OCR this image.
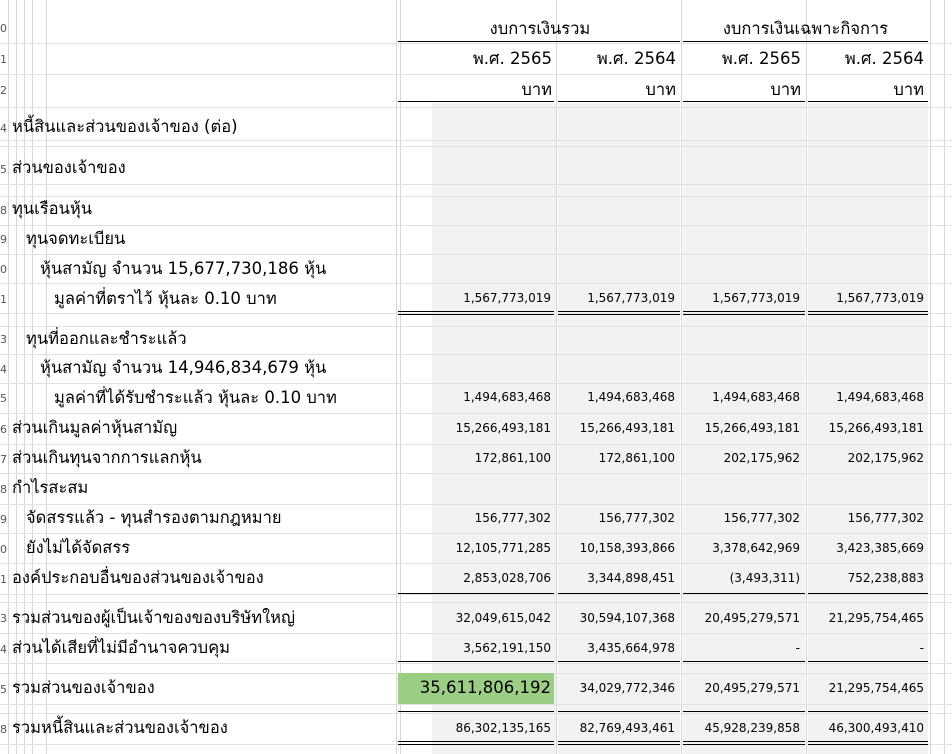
งบการเงินรวม	งบการเงินเฉพาะกิจการ
พ.ศ. 2565	พ.ศ. 2564	พ.ศ. 2565	พ.ศ. 2564
บาท	บาท	บาท	บาท
0
1
2
4
5
8
9
0
1
3
4
5
6
7
8
9
0
1
3
4
5
8
หนี้สินและส่วนของเจ้าของ (ต่อ)
ส่วนของเจ้าของ
ทุนเรือนหุ้น
ทุนจดทะเบียน
หุ้นสามัญ จำนวน 15,677,730,186 หุ้น
มูลค่าที่ตราไว้ หุ้นละ 0.10 บาท	1,567,773,019	1,567,773,019	1,567,773,019	1,567,773,019
ทุนที่ออกและชำระแล้ว
หุ้นสามัญ จำนวน 14,946,834,679 หุ้น
มูลค่าที่ได้รับชำระแล้ว หุ้นละ 0.10 บาท	1,494,683,468	1,494,683,468	1,494,683,468	1,494,683,468
ส่วนเกินมูลค่าหุ้นสามัญ	15,266,493,181	15,266,493,181	15,266,493,181	15,266,493,181
ส่วนเกินทุนจากการแลกหุ้น	172,861,100	172,861,100	202,175,962	202,175,962
กำไรสะสม
จัดสรรแล้ว - ทุนสำรองตามกฎหมาย	156,777,302	156,777,302	156,777,302	156,777,302
ยังไม่ได้จัดสรร	12,105,771,285	10,158,393,866	3,378,642,969	3,423,385,669
องค์ประกอบอื่นของส่วนของเจ้าของ	2,853,028,706	3,344,898,451	(3,493,311)	752,238,883
รวมส่วนของผู้เป็นเจ้าของของบริษัทใหญ่	32,049,615,042	30,594,107,368	20,495,279,571	21,295,754,465
ส่วนได้เสียที่ไม่มีอำนาจควบคุม	3,562,191,150	3,435,664,978	-	-
รวมส่วนของเจ้าของ	35,611,806,192	34,029,772,346	20,495,279,571	21,295,754,465
รวมหนี้สินและส่วนของเจ้าของ	86,302,135,165	82,769,493,461	45,928,239,858	46,300,493,410
